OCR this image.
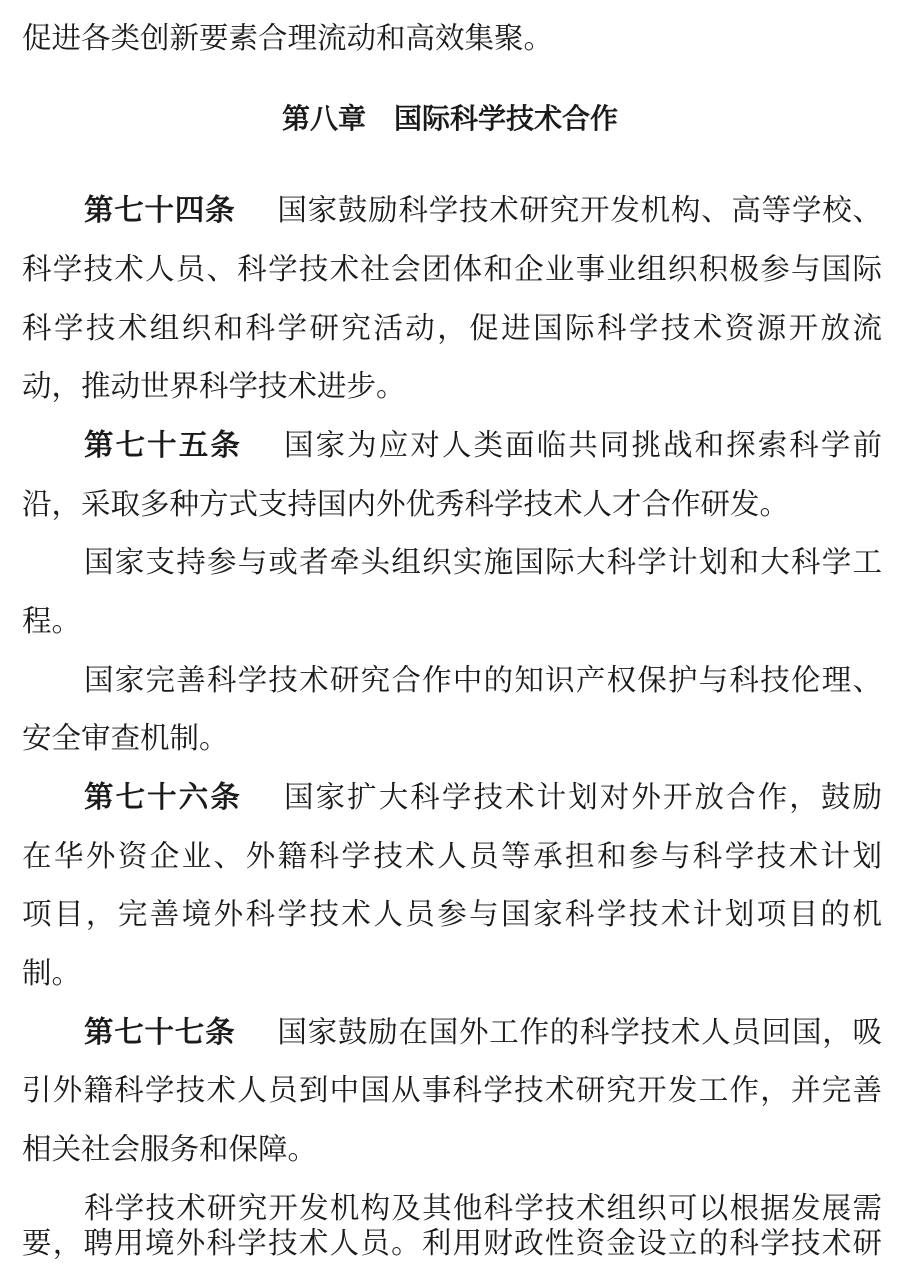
促进各类创新要素合理流动和高效集聚。
第八章　国际科学技术合作
第七十四条 国家鼓励科学技术研究开发机构、高等学校、
科学技术人员、科学技术社会团体和企业事业组织积极参与国际
科学技术组织和科学研究活动，促进国际科学技术资源开放流
动，推动世界科学技术进步。
第七十五条 国家为应对人类面临共同挑战和探索科学前
沿，采取多种方式支持国内外优秀科学技术人才合作研发。
国家支持参与或者牵头组织实施国际大科学计划和大科学工
程。
国家完善科学技术研究合作中的知识产权保护与科技伦理、
安全审查机制。
第七十六条 国家扩大科学技术计划对外开放合作，鼓励
在华外资企业、外籍科学技术人员等承担和参与科学技术计划
项目，完善境外科学技术人员参与国家科学技术计划项目的机
制。
第七十七条 国家鼓励在国外工作的科学技术人员回国，吸
引外籍科学技术人员到中国从事科学技术研究开发工作，并完善
相关社会服务和保障。
科学技术研究开发机构及其他科学技术组织可以根据发展需
要，聘用境外科学技术人员。利用财政性资金设立的科学技术研
